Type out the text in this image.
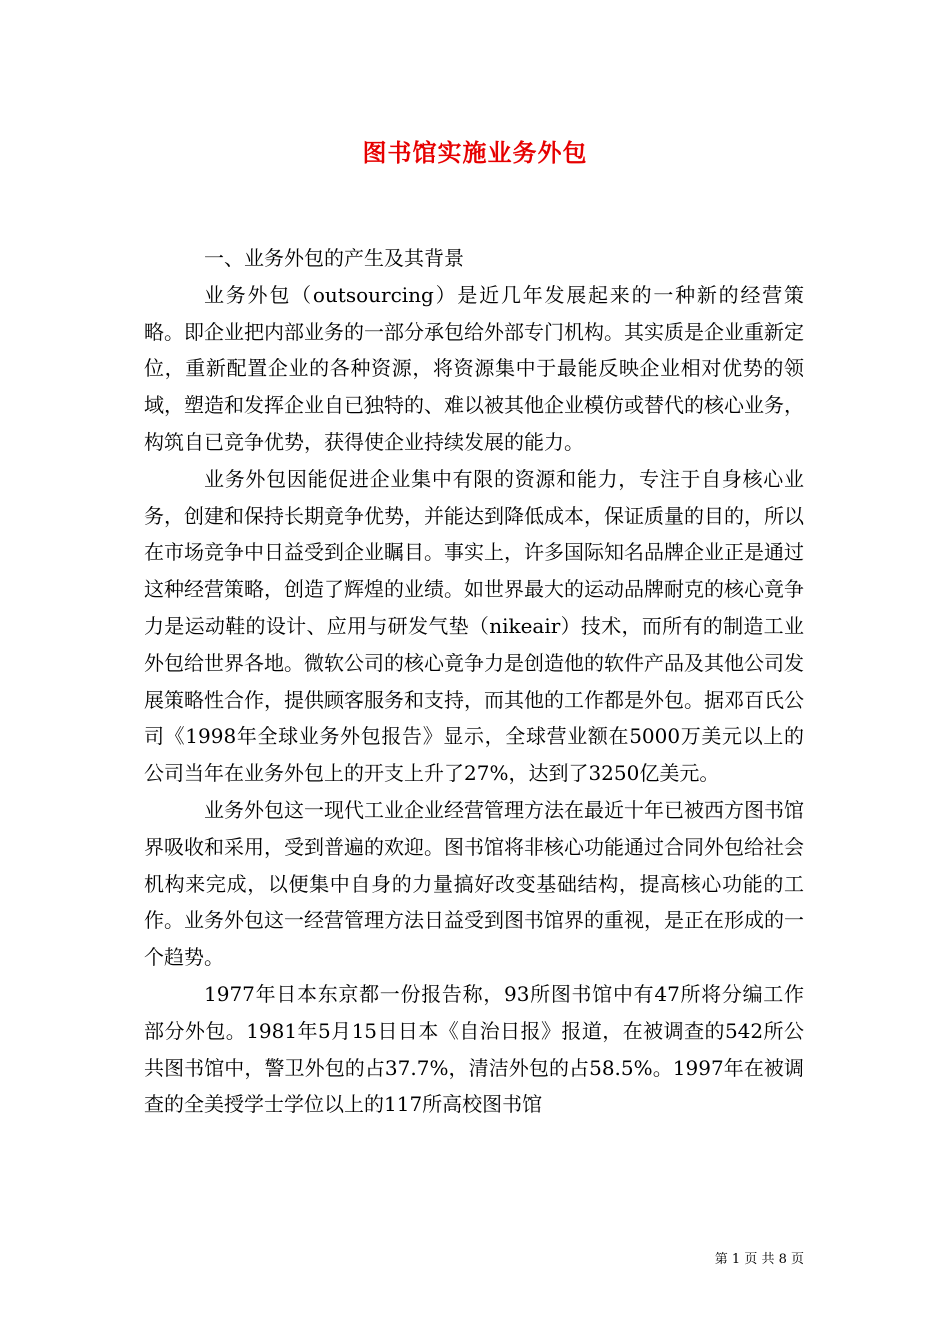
图书馆实施业务外包

一、业务外包的产生及其背景

业务外包（outsourcing）是近几年发展起来的一种新的经营策略。即企业把内部业务的一部分承包给外部专门机构。其实质是企业重新定位，重新配置企业的各种资源，将资源集中于最能反映企业相对优势的领域，塑造和发挥企业自已独特的、难以被其他企业模仿或替代的核心业务，构筑自已竞争优势，获得使企业持续发展的能力。

业务外包因能促进企业集中有限的资源和能力，专注于自身核心业务，创建和保持长期竟争优势，并能达到降低成本，保证质量的目的，所以在市场竞争中日益受到企业瞩目。事实上，许多国际知名品牌企业正是通过这种经营策略，创造了辉煌的业绩。如世界最大的运动品牌耐克的核心竟争力是运动鞋的设计、应用与研发气垫（nikeair）技术，而所有的制造工业外包给世界各地。微软公司的核心竟争力是创造他的软件产品及其他公司发展策略性合作，提供顾客服务和支持，而其他的工作都是外包。据邓百氏公司《1998年全球业务外包报告》显示，全球营业额在5000万美元以上的公司当年在业务外包上的开支上升了27%，达到了3250亿美元。

业务外包这一现代工业企业经营管理方法在最近十年已被西方图书馆界吸收和采用，受到普遍的欢迎。图书馆将非核心功能通过合同外包给社会机构来完成，以便集中自身的力量搞好改变基础结构，提高核心功能的工作。业务外包这一经营管理方法日益受到图书馆界的重视，是正在形成的一个趋势。

1977年日本东京都一份报告称，93所图书馆中有47所将分编工作部分外包。1981年5月15日日本《自治日报》报道，在被调查的542所公共图书馆中，警卫外包的占37.7%，清洁外包的占58.5%。1997年在被调查的全美授学士学位以上的117所高校图书馆

第 1 页 共 8 页
